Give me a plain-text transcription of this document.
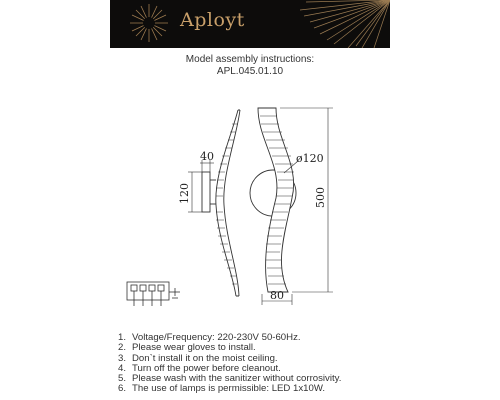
Aployt
Model assembly instructions:
APL.045.01.10
40
120
ø120
500
80
1. Voltage/Frequency: 220-230V 50-60Hz.
2. Please wear gloves to install.
3. Don`t install it on the moist ceiling.
4. Turn off the power before cleanout.
5. Please wash with the sanitizer without corrosivity.
6. The use of lamps is permissible: LED 1x10W.
